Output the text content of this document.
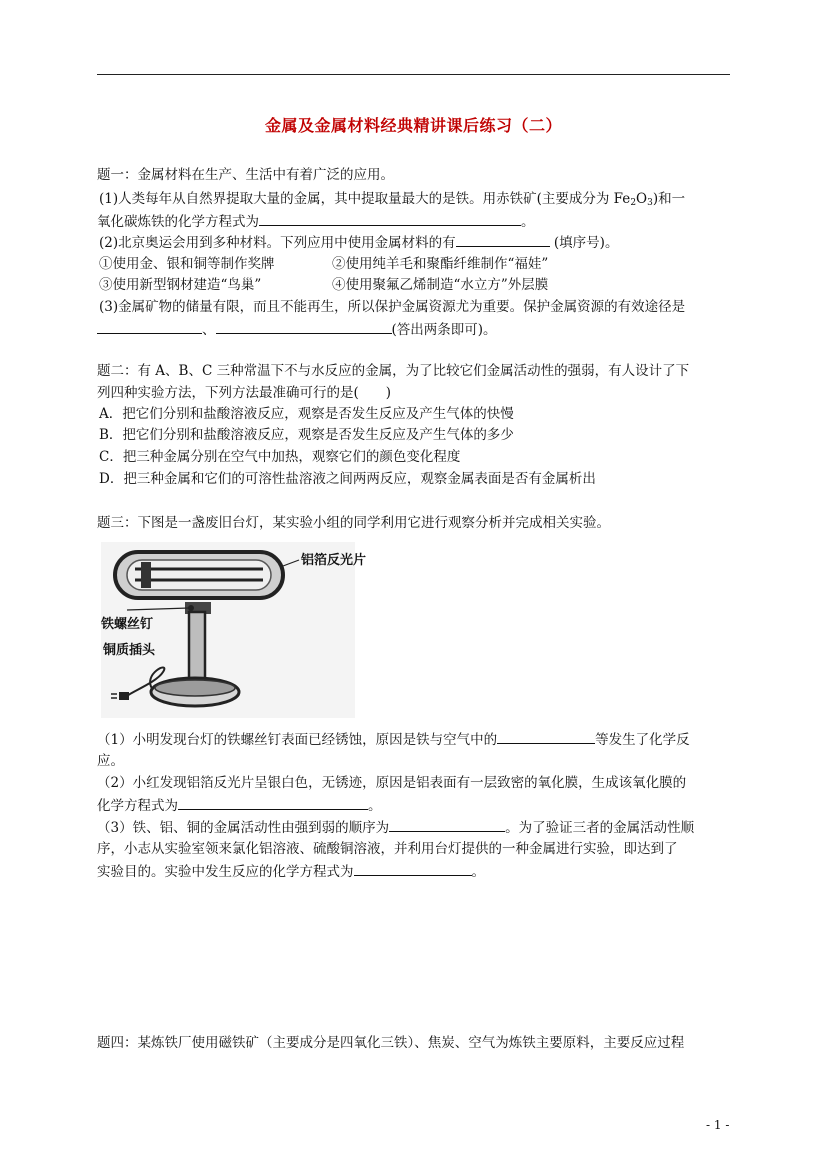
金属及金属材料经典精讲课后练习（二）
题一：金属材料在生产、生活中有着广泛的应用。
(1)人类每年从自然界提取大量的金属，其中提取量最大的是铁。用赤铁矿(主要成分为 $Fe_2O_3$)和一
氧化碳炼铁的化学方程式为	。
(2)北京奥运会用到多种材料。下列应用中使用金属材料的有	(填序号)。
①使用金、银和铜等制作奖牌	②使用纯羊毛和聚酯纤维制作“福娃”
③使用新型钢材建造“鸟巢”	④使用聚氟乙烯制造“水立方”外层膜
(3)金属矿物的储量有限，而且不能再生，所以保护金属资源尤为重要。保护金属资源的有效途径是
、	(答出两条即可)。
题二：有 A、B、C 三种常温下不与水反应的金属，为了比较它们金属活动性的强弱，有人设计了下
列四种实验方法，下列方法最准确可行的是(　　)
A．把它们分别和盐酸溶液反应，观察是否发生反应及产生气体的快慢
B．把它们分别和盐酸溶液反应，观察是否发生反应及产生气体的多少
C．把三种金属分别在空气中加热，观察它们的颜色变化程度
D．把三种金属和它们的可溶性盐溶液之间两两反应，观察金属表面是否有金属析出
题三：下图是一盏废旧台灯，某实验小组的同学利用它进行观察分析并完成相关实验。
铝箔反光片
铁螺丝钉
铜质插头
（1）小明发现台灯的铁螺丝钉表面已经锈蚀，原因是铁与空气中的	等发生了化学反
应。
（2）小红发现铝箔反光片呈银白色，无锈迹，原因是铝表面有一层致密的氧化膜，生成该氧化膜的
化学方程式为	。
（3）铁、铝、铜的金属活动性由强到弱的顺序为	。为了验证三者的金属活动性顺
序，小志从实验室领来氯化铝溶液、硫酸铜溶液，并利用台灯提供的一种金属进行实验，即达到了
实验目的。实验中发生反应的化学方程式为	。
题四：某炼铁厂使用磁铁矿（主要成分是四氧化三铁）、焦炭、空气为炼铁主要原料，主要反应过程
- 1 -
